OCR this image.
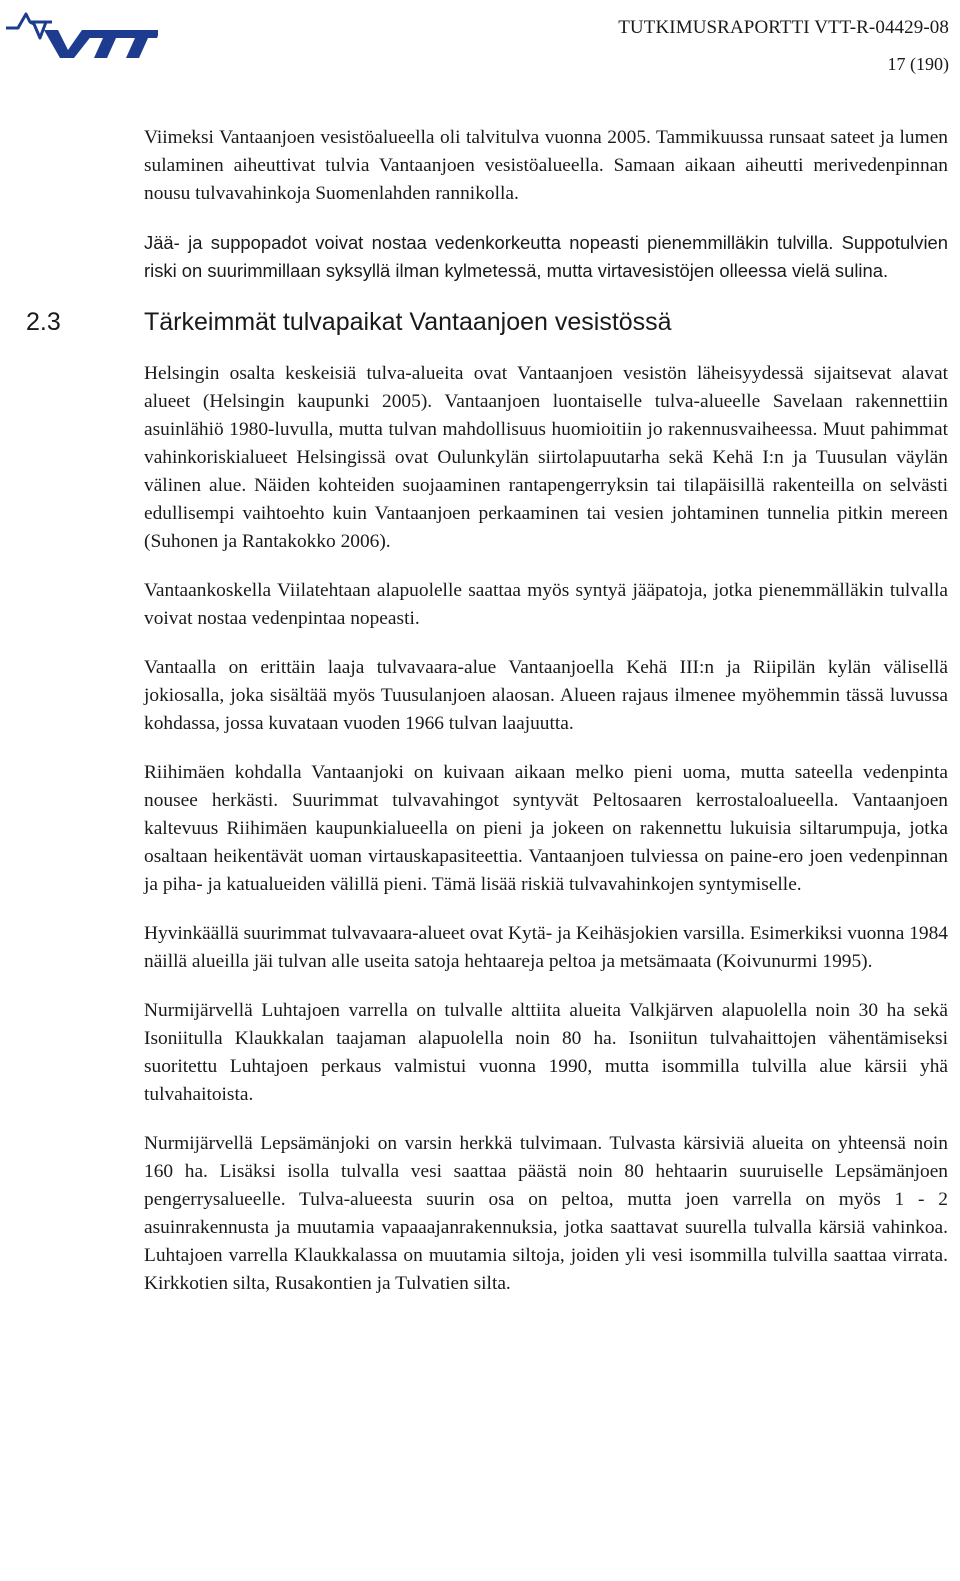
VTT
TUTKIMUSRAPORTTI VTT-R-04429-08
17 (190)

Viimeksi Vantaanjoen vesistöalueella oli talvitulva vuonna 2005. Tammikuussa runsaat sateet ja lumen sulaminen aiheuttivat tulvia Vantaanjoen vesistöalueella. Samaan aikaan aiheutti merivedenpinnan nousu tulvavahinkoja Suomenlahden rannikolla.

Jää- ja suppopadot voivat nostaa vedenkorkeutta nopeasti pienemmilläkin tulvilla. Suppotulvien riski on suurimmillaan syksyllä ilman kylmetessä, mutta virtavesistöjen olleessa vielä sulina.

2.3	Tärkeimmät tulvapaikat Vantaanjoen vesistössä

Helsingin osalta keskeisiä tulva-alueita ovat Vantaanjoen vesistön läheisyydessä sijaitsevat alavat alueet (Helsingin kaupunki 2005). Vantaanjoen luontaiselle tulva-alueelle Savelaan rakennettiin asuinlähiö 1980-luvulla, mutta tulvan mahdollisuus huomioitiin jo rakennusvaiheessa. Muut pahimmat vahinkoriskialueet Helsingissä ovat Oulunkylän siirtolapuutarha sekä Kehä I:n ja Tuusulan väylän välinen alue. Näiden kohteiden suojaaminen rantapengerryksin tai tilapäisillä rakenteilla on selvästi edullisempi vaihtoehto kuin Vantaanjoen perkaaminen tai vesien johtaminen tunnelia pitkin mereen (Suhonen ja Rantakokko 2006).

Vantaankoskella Viilatehtaan alapuolelle saattaa myös syntyä jääpatoja, jotka pienemmälläkin tulvalla voivat nostaa vedenpintaa nopeasti.

Vantaalla on erittäin laaja tulvavaara-alue Vantaanjoella Kehä III:n ja Riipilän kylän välisellä jokiosalla, joka sisältää myös Tuusulanjoen alaosan. Alueen rajaus ilmenee myöhemmin tässä luvussa kohdassa, jossa kuvataan vuoden 1966 tulvan laajuutta.

Riihimäen kohdalla Vantaanjoki on kuivaan aikaan melko pieni uoma, mutta sateella vedenpinta nousee herkästi. Suurimmat tulvavahingot syntyvät Peltosaaren kerrostaloalueella. Vantaanjoen kaltevuus Riihimäen kaupunkialueella on pieni ja jokeen on rakennettu lukuisia siltarumpuja, jotka osaltaan heikentävät uoman virtauskapasiteettia. Vantaanjoen tulviessa on paine-ero joen vedenpinnan ja piha- ja katualueiden välillä pieni. Tämä lisää riskiä tulvavahinkojen syntymiselle.

Hyvinkäällä suurimmat tulvavaara-alueet ovat Kytä- ja Keihäsjokien varsilla. Esimerkiksi vuonna 1984 näillä alueilla jäi tulvan alle useita satoja hehtaareja peltoa ja metsämaata (Koivunurmi 1995).

Nurmijärvellä Luhtajoen varrella on tulvalle alttiita alueita Valkjärven alapuolella noin 30 ha sekä Isoniitulla Klaukkalan taajaman alapuolella noin 80 ha. Isoniitun tulvahaittojen vähentämiseksi suoritettu Luhtajoen perkaus valmistui vuonna 1990, mutta isommilla tulvilla alue kärsii yhä tulvahaitoista.

Nurmijärvellä Lepsämänjoki on varsin herkkä tulvimaan. Tulvasta kärsiviä alueita on yhteensä noin 160 ha. Lisäksi isolla tulvalla vesi saattaa päästä noin 80 hehtaarin suuruiselle Lepsämänjoen pengerrysalueelle. Tulva-alueesta suurin osa on peltoa, mutta joen varrella on myös 1 - 2 asuinrakennusta ja muutamia vapaaajanrakennuksia, jotka saattavat suurella tulvalla kärsiä vahinkoa. Luhtajoen varrella Klaukkalassa on muutamia siltoja, joiden yli vesi isommilla tulvilla saattaa virrata. Kirkkotien silta, Rusakontien ja Tulvatien silta.
